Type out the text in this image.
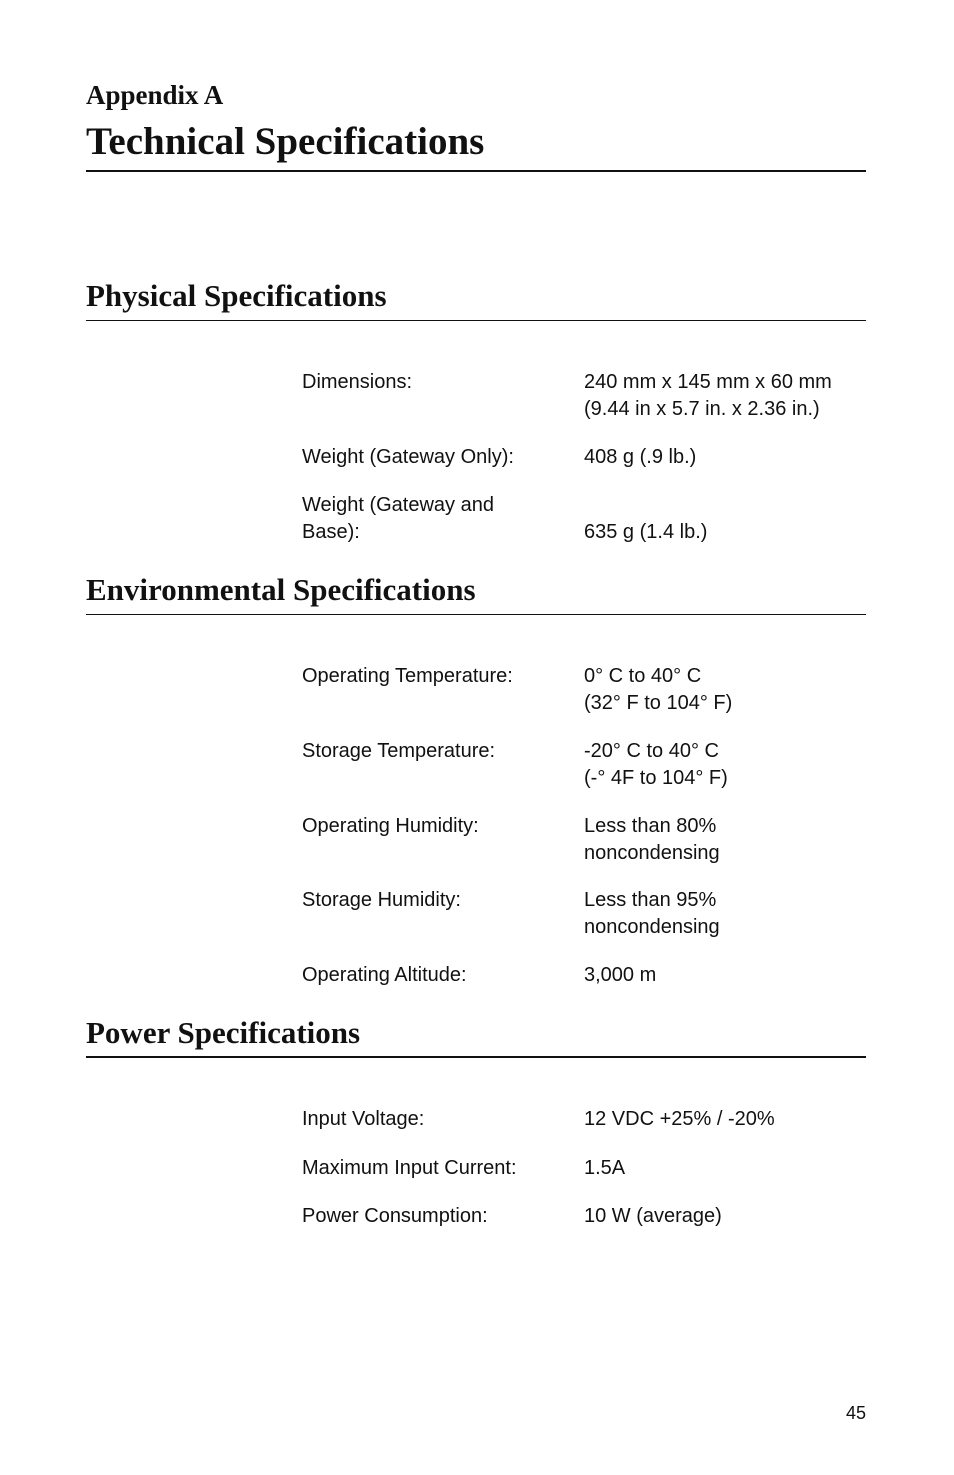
Appendix A
Technical Specifications
Physical Specifications
Dimensions:	240 mm x 145 mm x 60 mm
(9.44 in x 5.7 in. x 2.36 in.)
Weight (Gateway Only):	408 g (.9 lb.)
Weight (Gateway and
Base):	635 g (1.4 lb.)
Environmental Specifications
Operating Temperature:	0° C to 40° C
(32° F to 104° F)
Storage Temperature:	-20° C to 40° C
(-° 4F to 104° F)
Operating Humidity:	Less than 80%
noncondensing
Storage Humidity:	Less than 95%
noncondensing
Operating Altitude:	3,000 m
Power Specifications
Input Voltage:	12 VDC +25% / -20%
Maximum Input Current:	1.5A
Power Consumption:	10 W (average)
45
